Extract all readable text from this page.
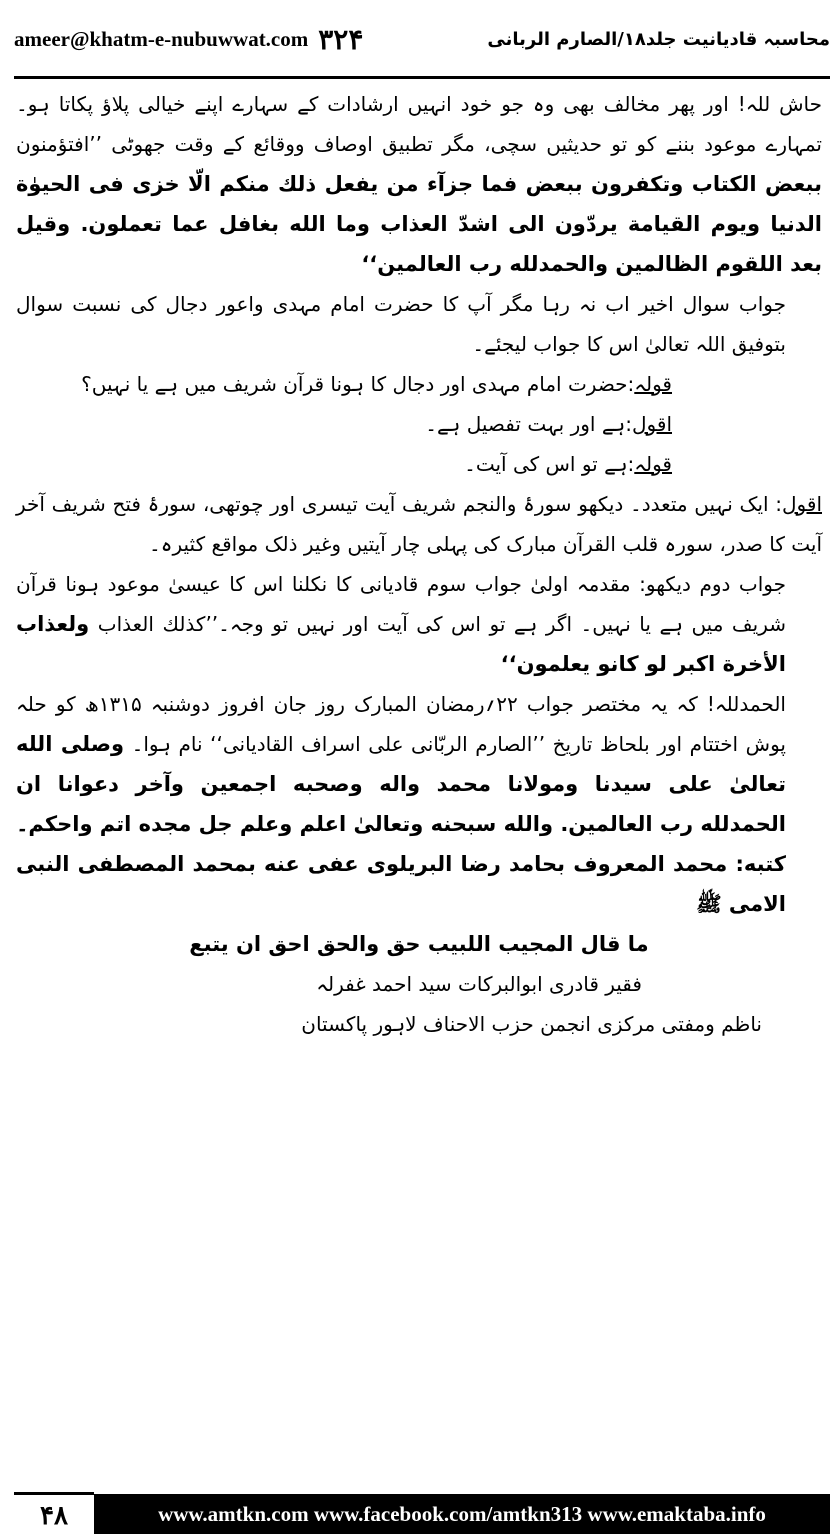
ameer@khatm-e-nubuwwat.com ۳۲۴	محاسبہ قادیانیت جلد۱۸/الصارم الربانی

حاش للہ! اور پھر مخالف بھی وہ جو خود انہیں ارشادات کے سہارے اپنے خیالی پلاؤ پکاتا ہو۔ تمہارے موعود بننے کو تو حدیثیں سچی، مگر تطبیق اوصاف ووقائع کے وقت جھوٹی ’’افتؤمنون ببعض الكتاب وتكفرون ببعض فما جزآء من يفعل ذلك منكم الّا خزى فى الحيوٰة الدنيا ويوم القيامة يردّون الى اشدّ العذاب وما الله بغافل عما تعملون. وقيل بعد اللقوم الظالمين والحمدلله رب العالمين‘‘

جواب سوال اخیر اب نہ رہا مگر آپ کا حضرت امام مہدی واعور دجال کی نسبت سوال بتوفیق اللہ تعالیٰ اس کا جواب لیجئے۔

قولہ:حضرت امام مہدی اور دجال کا ہونا قرآن شریف میں ہے یا نہیں؟

اقول:ہے اور بہت تفصیل ہے۔

قولہ:ہے تو اس کی آیت۔

اقول: ایک نہیں متعدد۔ دیکھو سورۂ والنجم شریف آیت تیسری اور چوتھی، سورۂ فتح شریف آخر آیت کا صدر، سورہ قلب القرآن مبارک کی پہلی چار آیتیں وغیر ذلک مواقع کثیرہ۔

جواب دوم دیکھو: مقدمہ اولیٰ جواب سوم قادیانی کا نکلنا اس کا عیسیٰ موعود ہونا قرآن شریف میں ہے یا نہیں۔ اگر ہے تو اس کی آیت اور نہیں تو وجہ۔’’كذلك العذاب ولعذاب الأخرة اكبر لو كانو يعلمون‘‘

الحمدللہ! کہ یہ مختصر جواب ۲۲؍رمضان المبارک روز جان افروز دوشنبہ ۱۳۱۵ھ کو حلہ پوش اختتام اور بلحاظ تاریخ ’’الصارم الربّانی علی اسراف القادیانی‘‘ نام ہوا۔ وصلى الله تعالىٰ على سيدنا ومولانا محمد واله وصحبه اجمعين وآخر دعوانا ان الحمدلله رب العالمين. والله سبحنه وتعالىٰ اعلم وعلم جل مجده اتم واحكم۔

كتبه: محمد المعروف بحامد رضا البريلوى عفى عنه بمحمد المصطفى النبى الامى ﷺ

ما قال المجيب اللبيب حق والحق احق ان يتبع

فقیر قادری ابوالبرکات سید احمد غفرلہ

ناظم ومفتی مرکزی انجمن حزب الاحناف لاہور پاکستان

۴۸	www.amtkn.com www.facebook.com/amtkn313 www.emaktaba.info
